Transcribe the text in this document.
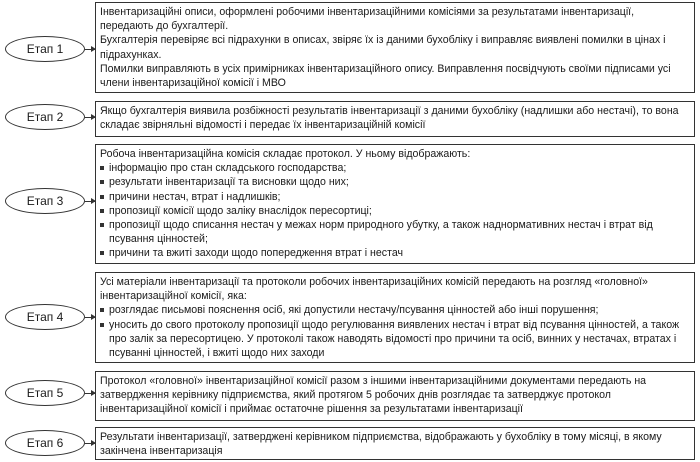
Етап 1

Інвентаризаційні описи, оформлені робочими інвентаризаційними комісіями за результатами інвентаризації, передають до бухгалтерії.

Бухгалтерія перевіряє всі підрахунки в описах, звіряє їх із даними бухобліку і виправляє виявлені помилки в цінах і підрахунках.

Помилки виправляють в усіх примірниках інвентаризаційного опису. Виправлення посвідчують своїми підписами усі члени інвентаризаційної комісії і МВО

Етап 2	Якщо бухгалтерія виявила розбіжності результатів інвентаризації з даними бухобліку (надлишки або нестачі), то вона складає звірняльні відомості і передає їх інвентаризаційній комісії

Етап 3

Робоча інвентаризаційна комісія складає протокол. У ньому відображають:

інформацію про стан складського господарства;
результати інвентаризації та висновки щодо них;
причини нестач, втрат і надлишків;
пропозиції комісії щодо заліку внаслідок пересортиці;
пропозиції щодо списання нестач у межах норм природного убутку, а також наднормативних нестач і втрат від псування цінностей;
причини та вжиті заходи щодо попередження втрат і нестач
Етап 4

Усі матеріали інвентаризації та протоколи робочих інвентаризаційних комісій передають на розгляд «головної» інвентаризаційної комісії, яка:

розглядає письмові пояснення осіб, які допустили нестачу/псування цінностей або інші порушення;
уносить до свого протоколу пропозиції щодо регулювання виявлених нестач і втрат від псування цінностей, а також про залік за пересортицею. У протоколі також наводять відомості про причини та осіб, винних у нестачах, втратах і псуванні цінностей, і вжиті щодо них заходи
Етап 5

Протокол «головної» інвентаризаційної комісії разом з іншими інвентаризаційними документами передають на затвердження керівнику підприємства, який протягом 5 робочих днів розглядає та затверджує протокол інвентаризаційної комісії і приймає остаточне рішення за результатами інвентаризації

Етап 6	Результати інвентаризації, затверджені керівником підприємства, відображають у бухобліку в тому місяці, в якому закінчена інвентаризація
